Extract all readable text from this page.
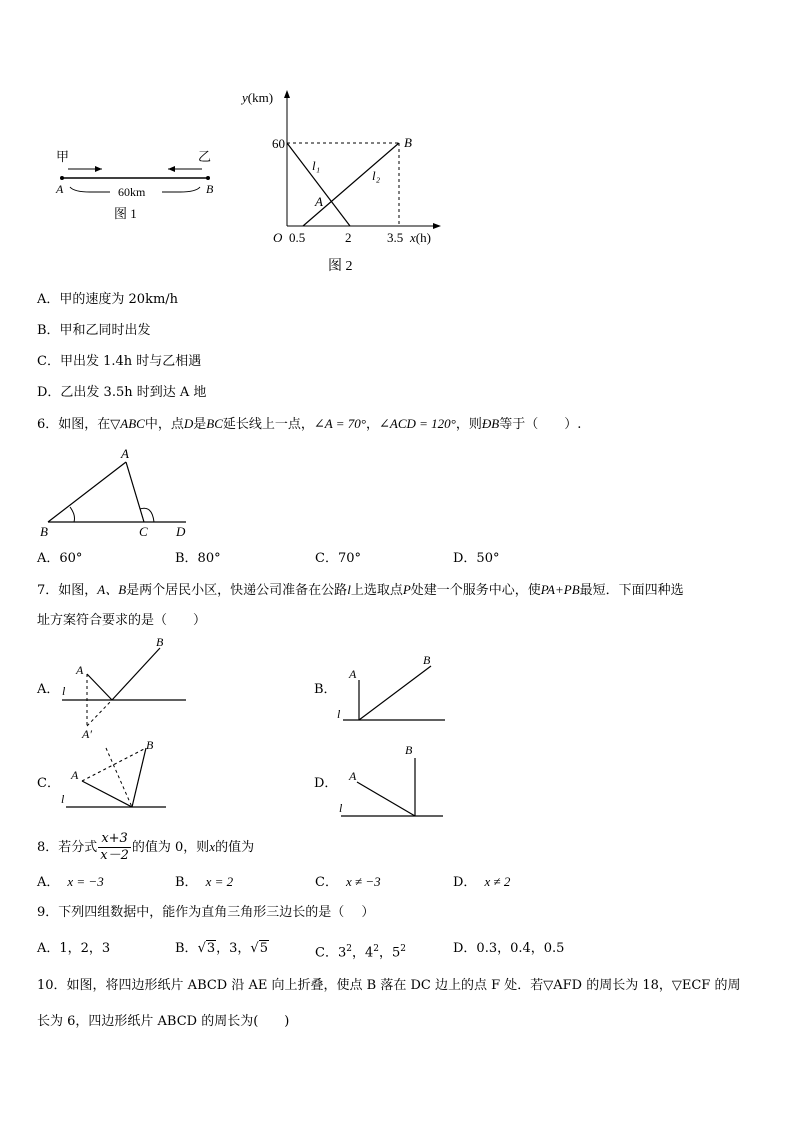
甲	乙
A	B
60km
图 1
y(km)
60
O 0.5	2	3.5 x(h)
l₁
l₂
A
B
图 2
A．甲的速度为 20km/h
B．甲和乙同时出发
C．甲出发 1.4h 时与乙相遇
D．乙出发 3.5h 时到达 A 地
6．如图，在▽ABC中，点D是BC延长线上一点，∠A = 70°，∠ACD = 120°，则ÐB等于（　　）.
A
B	C D
A．60°	B．80°	C．70°	D．50°
7．如图，A、B是两个居民小区，快递公司准备在公路l上选取点P处建一个服务中心，使PA+PB最短．下面四种选
址方案符合要求的是（　　）
A．
A
B
l
A′
B．
A
B
l
C．
A
B
l
D． A
B
l
8．若分式 $\frac{x+3}{x-2}$ 的值为 0，则x的值为
A． x = −3	B． x = 2	C． x ≠ −3	D． x ≠ 2
9．下列四组数据中，能作为直角三角形三边长的是（　 ）
A．1，2，3	B．√3，3，√5	C．$3^2$，$4^2$，$5^2$	D．0.3，0.4，0.5
10．如图，将四边形纸片 ABCD 沿 AE 向上折叠，使点 B 落在 DC 边上的点 F 处．若▽AFD 的周长为 18，▽ECF 的周
长为 6，四边形纸片 ABCD 的周长为(　　)
